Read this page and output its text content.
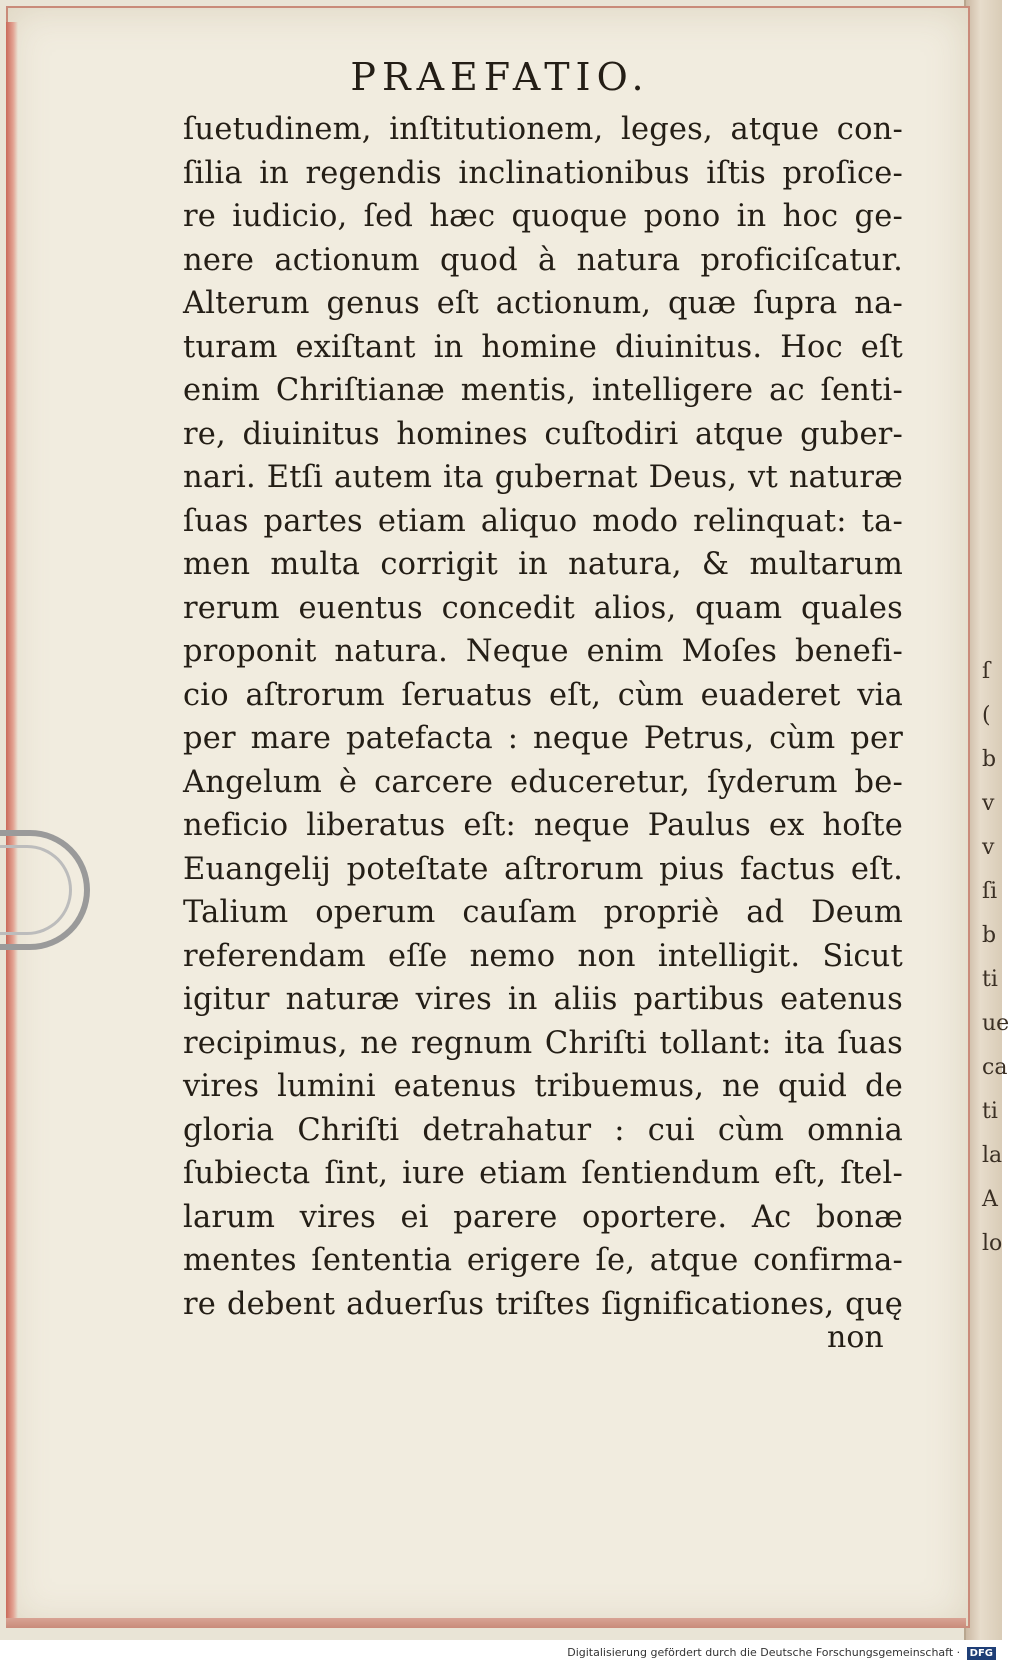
PRAEFATIO.
ſuetudinem, inſtitutionem, leges, atque con-
ſilia in regendis inclinationibus iſtis proſice-
re iudicio, ſed hæc quoque pono in hoc ge-
nere actionum quod à natura proficiſcatur.
Alterum genus eſt actionum, quæ ſupra na-
turam exiſtant in homine diuinitus. Hoc eſt
enim Chriſtianæ mentis, intelligere ac ſenti-
re, diuinitus homines cuſtodiri atque guber-
nari. Etſi autem ita gubernat Deus, vt naturæ
ſuas partes etiam aliquo modo relinquat: ta-
men multa corrigit in natura, & multarum
rerum euentus concedit alios, quam quales
proponit natura. Neque enim Moſes benefi-
cio aſtrorum ſeruatus eſt, cùm euaderet via
per mare patefacta : neque Petrus, cùm per
Angelum è carcere educeretur, ſyderum be-
neficio liberatus eſt: neque Paulus ex hoſte
Euangelij poteſtate aſtrorum pius factus eſt.
Talium operum cauſam propriè ad Deum
referendam eſſe nemo non intelligit. Sicut
igitur naturæ vires in aliis partibus eatenus
recipimus, ne regnum Chriſti tollant: ita ſuas
vires lumini eatenus tribuemus, ne quid de
gloria Chriſti detrahatur : cui cùm omnia
ſubiecta ſint, iure etiam ſentiendum eſt, ſtel-
larum vires ei parere oportere. Ac bonæ
mentes ſententia erigere ſe, atque confirma-
re debent aduerſus triſtes ſignificationes, quę
non
ſ
(
b
v
v
ſi
b
ti
ue
ca
ti
la
A
lo
Digitalisierung gefördert durch die Deutsche Forschungsgemeinschaft · DFG
